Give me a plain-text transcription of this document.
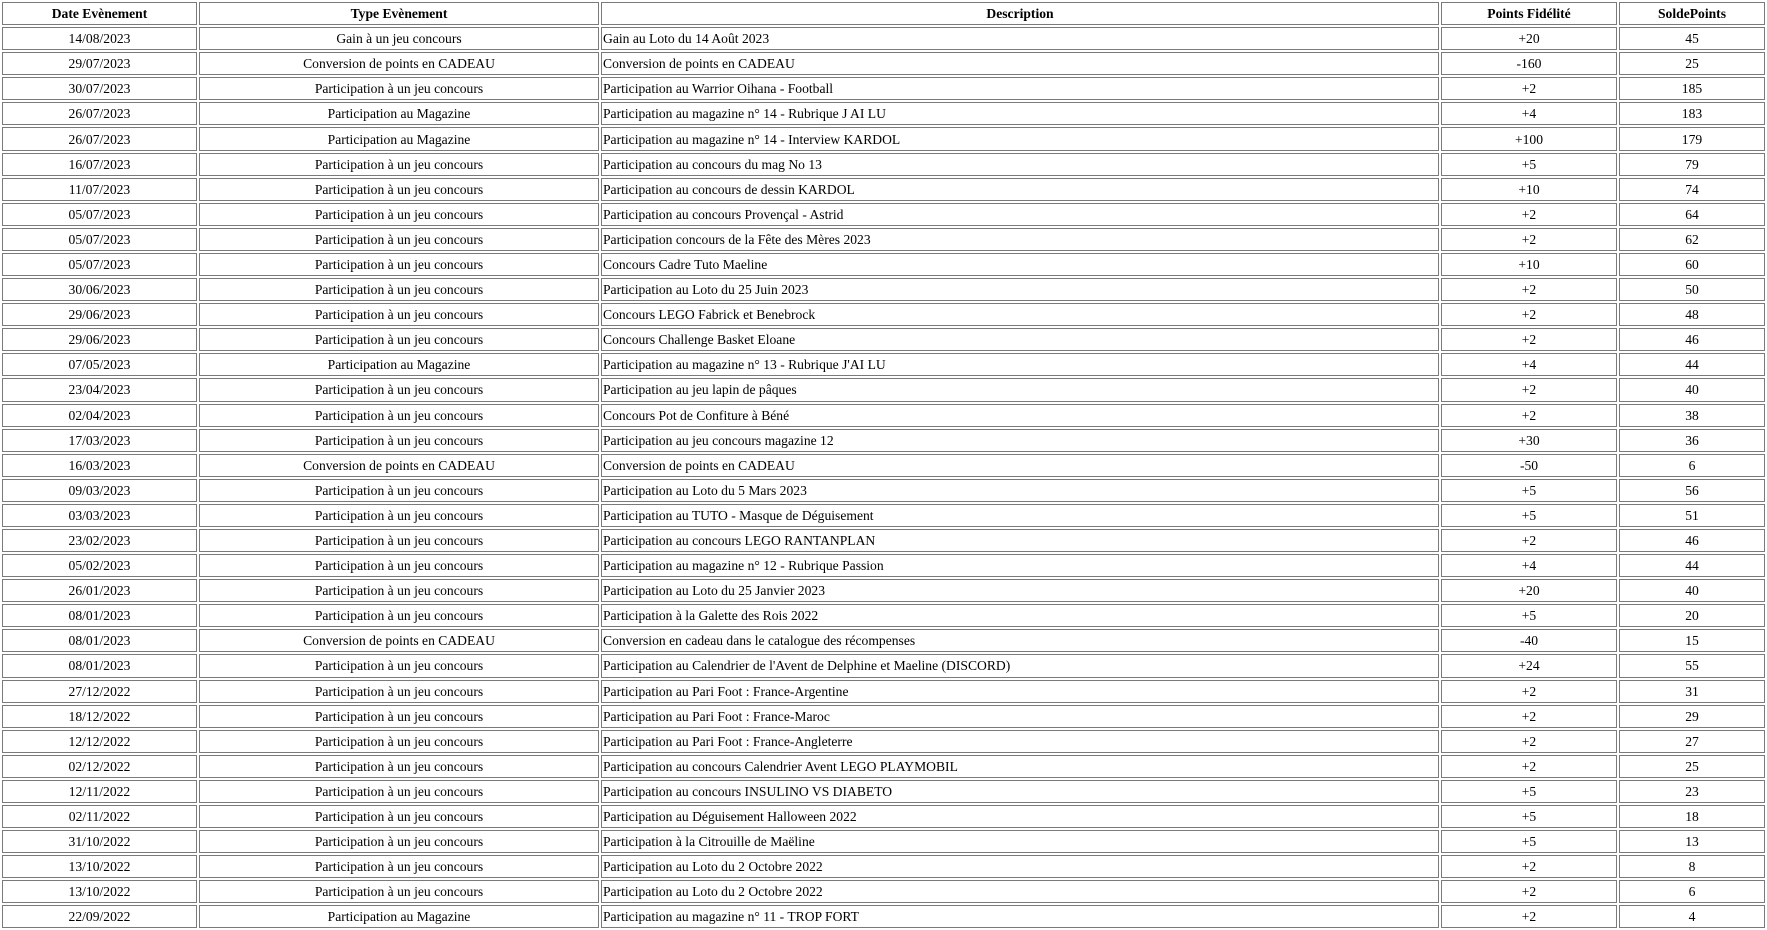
Date Evènement	Type Evènement	Description	Points Fidélité	SoldePoints
14/08/2023	Gain à un jeu concours	Gain au Loto du 14 Août 2023	+20	45
29/07/2023	Conversion de points en CADEAU	Conversion de points en CADEAU	-160	25
30/07/2023	Participation à un jeu concours	Participation au Warrior Oihana - Football	+2	185
26/07/2023	Participation au Magazine	Participation au magazine n° 14 - Rubrique J AI LU	+4	183
26/07/2023	Participation au Magazine	Participation au magazine n° 14 - Interview KARDOL	+100	179
16/07/2023	Participation à un jeu concours	Participation au concours du mag No 13	+5	79
11/07/2023	Participation à un jeu concours	Participation au concours de dessin KARDOL	+10	74
05/07/2023	Participation à un jeu concours	Participation au concours Provençal - Astrid	+2	64
05/07/2023	Participation à un jeu concours	Participation concours de la Fête des Mères 2023	+2	62
05/07/2023	Participation à un jeu concours	Concours Cadre Tuto Maeline	+10	60
30/06/2023	Participation à un jeu concours	Participation au Loto du 25 Juin 2023	+2	50
29/06/2023	Participation à un jeu concours	Concours LEGO Fabrick et Benebrock	+2	48
29/06/2023	Participation à un jeu concours	Concours Challenge Basket Eloane	+2	46
07/05/2023	Participation au Magazine	Participation au magazine n° 13 - Rubrique J'AI LU	+4	44
23/04/2023	Participation à un jeu concours	Participation au jeu lapin de pâques	+2	40
02/04/2023	Participation à un jeu concours	Concours Pot de Confiture à Béné	+2	38
17/03/2023	Participation à un jeu concours	Participation au jeu concours magazine 12	+30	36
16/03/2023	Conversion de points en CADEAU	Conversion de points en CADEAU	-50	6
09/03/2023	Participation à un jeu concours	Participation au Loto du 5 Mars 2023	+5	56
03/03/2023	Participation à un jeu concours	Participation au TUTO - Masque de Déguisement	+5	51
23/02/2023	Participation à un jeu concours	Participation au concours LEGO RANTANPLAN	+2	46
05/02/2023	Participation à un jeu concours	Participation au magazine n° 12 - Rubrique Passion	+4	44
26/01/2023	Participation à un jeu concours	Participation au Loto du 25 Janvier 2023	+20	40
08/01/2023	Participation à un jeu concours	Participation à la Galette des Rois 2022	+5	20
08/01/2023	Conversion de points en CADEAU	Conversion en cadeau dans le catalogue des récompenses	-40	15
08/01/2023	Participation à un jeu concours	Participation au Calendrier de l'Avent de Delphine et Maeline (DISCORD)	+24	55
27/12/2022	Participation à un jeu concours	Participation au Pari Foot : France-Argentine	+2	31
18/12/2022	Participation à un jeu concours	Participation au Pari Foot : France-Maroc	+2	29
12/12/2022	Participation à un jeu concours	Participation au Pari Foot : France-Angleterre	+2	27
02/12/2022	Participation à un jeu concours	Participation au concours Calendrier Avent LEGO PLAYMOBIL	+2	25
12/11/2022	Participation à un jeu concours	Participation au concours INSULINO VS DIABETO	+5	23
02/11/2022	Participation à un jeu concours	Participation au Déguisement Halloween 2022	+5	18
31/10/2022	Participation à un jeu concours	Participation à la Citrouille de Maëline	+5	13
13/10/2022	Participation à un jeu concours	Participation au Loto du 2 Octobre 2022	+2	8
13/10/2022	Participation à un jeu concours	Participation au Loto du 2 Octobre 2022	+2	6
22/09/2022	Participation au Magazine	Participation au magazine n° 11 - TROP FORT	+2	4
